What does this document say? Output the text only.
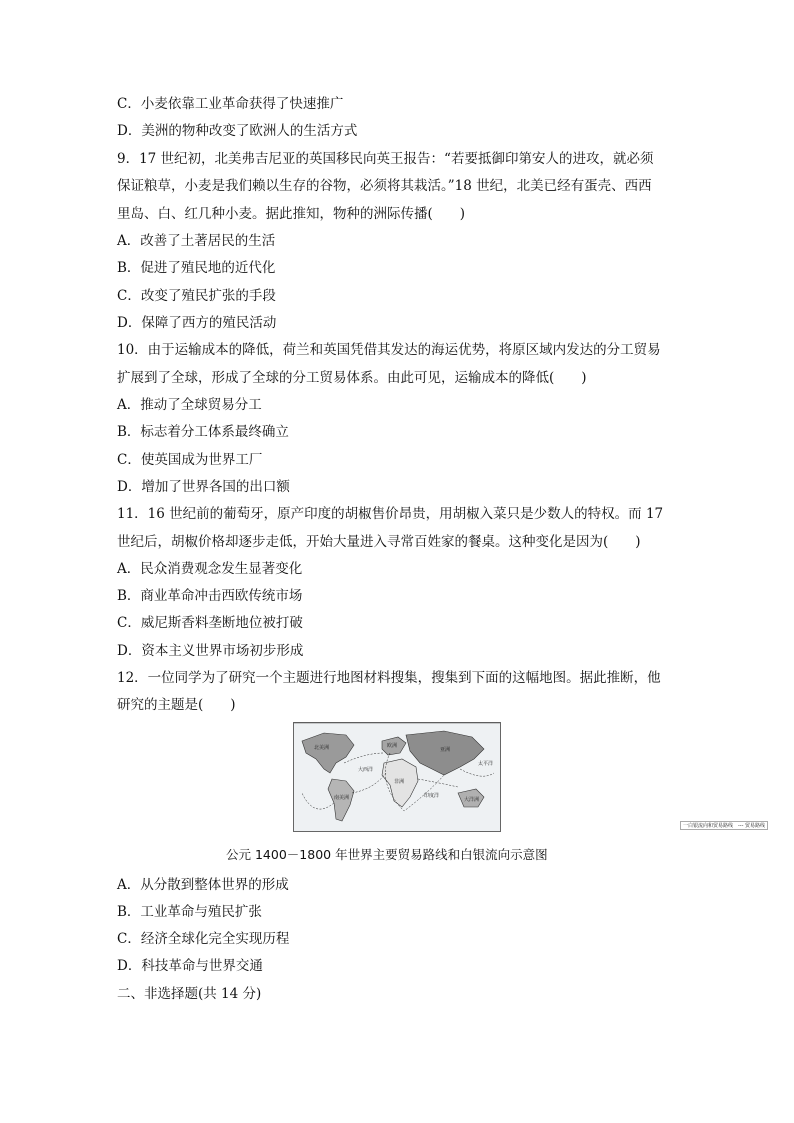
C．小麦依靠工业革命获得了快速推广
D．美洲的物种改变了欧洲人的生活方式
9．17 世纪初，北美弗吉尼亚的英国移民向英王报告：“若要抵御印第安人的进攻，就必须
保证粮草，小麦是我们赖以生存的谷物，必须将其栽活。”18 世纪，北美已经有蛋壳、西西
里岛、白、红几种小麦。据此推知，物种的洲际传播(　　)
A．改善了土著居民的生活
B．促进了殖民地的近代化
C．改变了殖民扩张的手段
D．保障了西方的殖民活动
10．由于运输成本的降低，荷兰和英国凭借其发达的海运优势，将原区域内发达的分工贸易
扩展到了全球，形成了全球的分工贸易体系。由此可见，运输成本的降低(　　)
A．推动了全球贸易分工
B．标志着分工体系最终确立
C．使英国成为世界工厂
D．增加了世界各国的出口额
11．16 世纪前的葡萄牙，原产印度的胡椒售价昂贵，用胡椒入菜只是少数人的特权。而 17
世纪后，胡椒价格却逐步走低，开始大量进入寻常百姓家的餐桌。这种变化是因为(　　)
A．民众消费观念发生显著变化
B．商业革命冲击西欧传统市场
C．威尼斯香料垄断地位被打破
D．资本主义世界市场初步形成
12．一位同学为了研究一个主题进行地图材料搜集，搜集到下面的这幅地图。据此推断，他
研究的主题是(　　)
北美洲	欧洲
亚洲
非洲
南美洲	大洋洲
太平洋
大西洋
印度洋
一白银流向和贸易路线　--- 贸易路线
公元 1400－1800 年世界主要贸易路线和白银流向示意图
A．从分散到整体世界的形成
B．工业革命与殖民扩张
C．经济全球化完全实现历程
D．科技革命与世界交通
二、非选择题(共 14 分)
